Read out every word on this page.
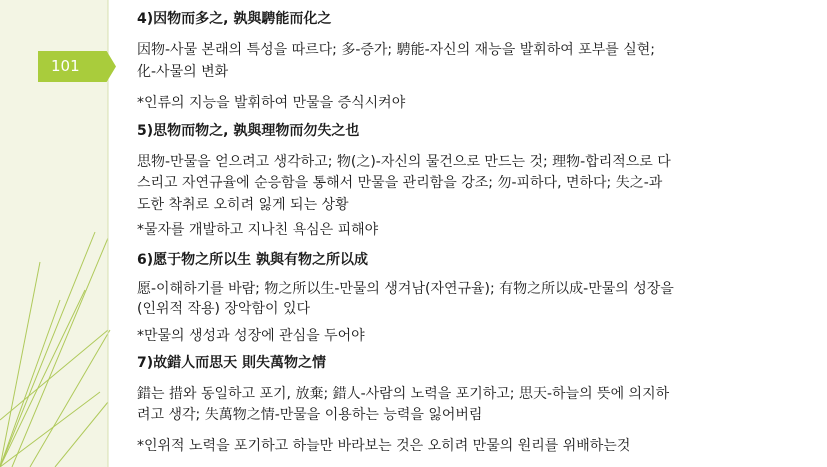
101
4)因物而多之, 孰與騁能而化之
因物-사물 본래의 특성을 따르다; 多-증가; 騁能-자신의 재능을 발휘하여 포부를 실현;
化-사물의 변화
*인류의 지능을 발휘하여 만물을 증식시켜야
5)思物而物之, 孰與理物而勿失之也
思物-만물을 얻으려고 생각하고; 物(之)-자신의 물건으로 만드는 것; 理物-합리적으로 다
스리고 자연규율에 순응함을 통해서 만물을 관리함을 강조; 勿-피하다, 면하다; 失之-과
도한 착취로 오히려 잃게 되는 상황
*물자를 개발하고 지나친 욕심은 피해야
6)愿于物之所以生 孰與有物之所以成
愿-이해하기를 바람; 物之所以生-만물의 생겨남(자연규율); 有物之所以成-만물의 성장을
(인위적 작용) 장악함이 있다
*만물의 생성과 성장에 관심을 두어야
7)故錯人而思天 則失萬物之情
錯는 措와 동일하고 포기, 放棄; 錯人-사람의 노력을 포기하고; 思天-하늘의 뜻에 의지하
려고 생각; 失萬物之情-만물을 이용하는 능력을 잃어버림
*인위적 노력을 포기하고 하늘만 바라보는 것은 오히려 만물의 원리를 위배하는것
